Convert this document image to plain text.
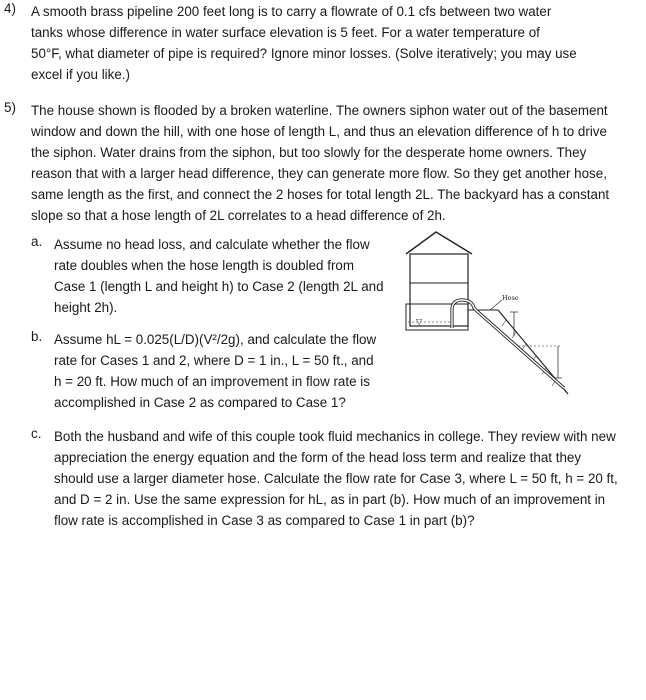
4) A smooth brass pipeline 200 feet long is to carry a flowrate of 0.1 cfs between two water
tanks whose difference in water surface elevation is 5 feet. For a water temperature of
50°F, what diameter of pipe is required? Ignore minor losses. (Solve iteratively; you may use
excel if you like.)
5) The house shown is flooded by a broken waterline. The owners siphon water out of the basement
window and down the hill, with one hose of length L, and thus an elevation difference of h to drive
the siphon. Water drains from the siphon, but too slowly for the desperate home owners. They
reason that with a larger head difference, they can generate more flow. So they get another hose,
same length as the first, and connect the 2 hoses for total length 2L. The backyard has a constant
slope so that a hose length of 2L correlates to a head difference of 2h.
a. Assume no head loss, and calculate whether the flow
rate doubles when the hose length is doubled from
Case 1 (length L and height h) to Case 2 (length 2L and
height 2h).
b. Assume hL = 0.025(L/D)(V²/2g), and calculate the flow
rate for Cases 1 and 2, where D = 1 in., L = 50 ft., and
h = 20 ft. How much of an improvement in flow rate is
accomplished in Case 2 as compared to Case 1?
▽
Hose
c. Both the husband and wife of this couple took fluid mechanics in college. They review with new
appreciation the energy equation and the form of the head loss term and realize that they
should use a larger diameter hose. Calculate the flow rate for Case 3, where L = 50 ft, h = 20 ft,
and D = 2 in. Use the same expression for hL, as in part (b). How much of an improvement in
flow rate is accomplished in Case 3 as compared to Case 1 in part (b)?
